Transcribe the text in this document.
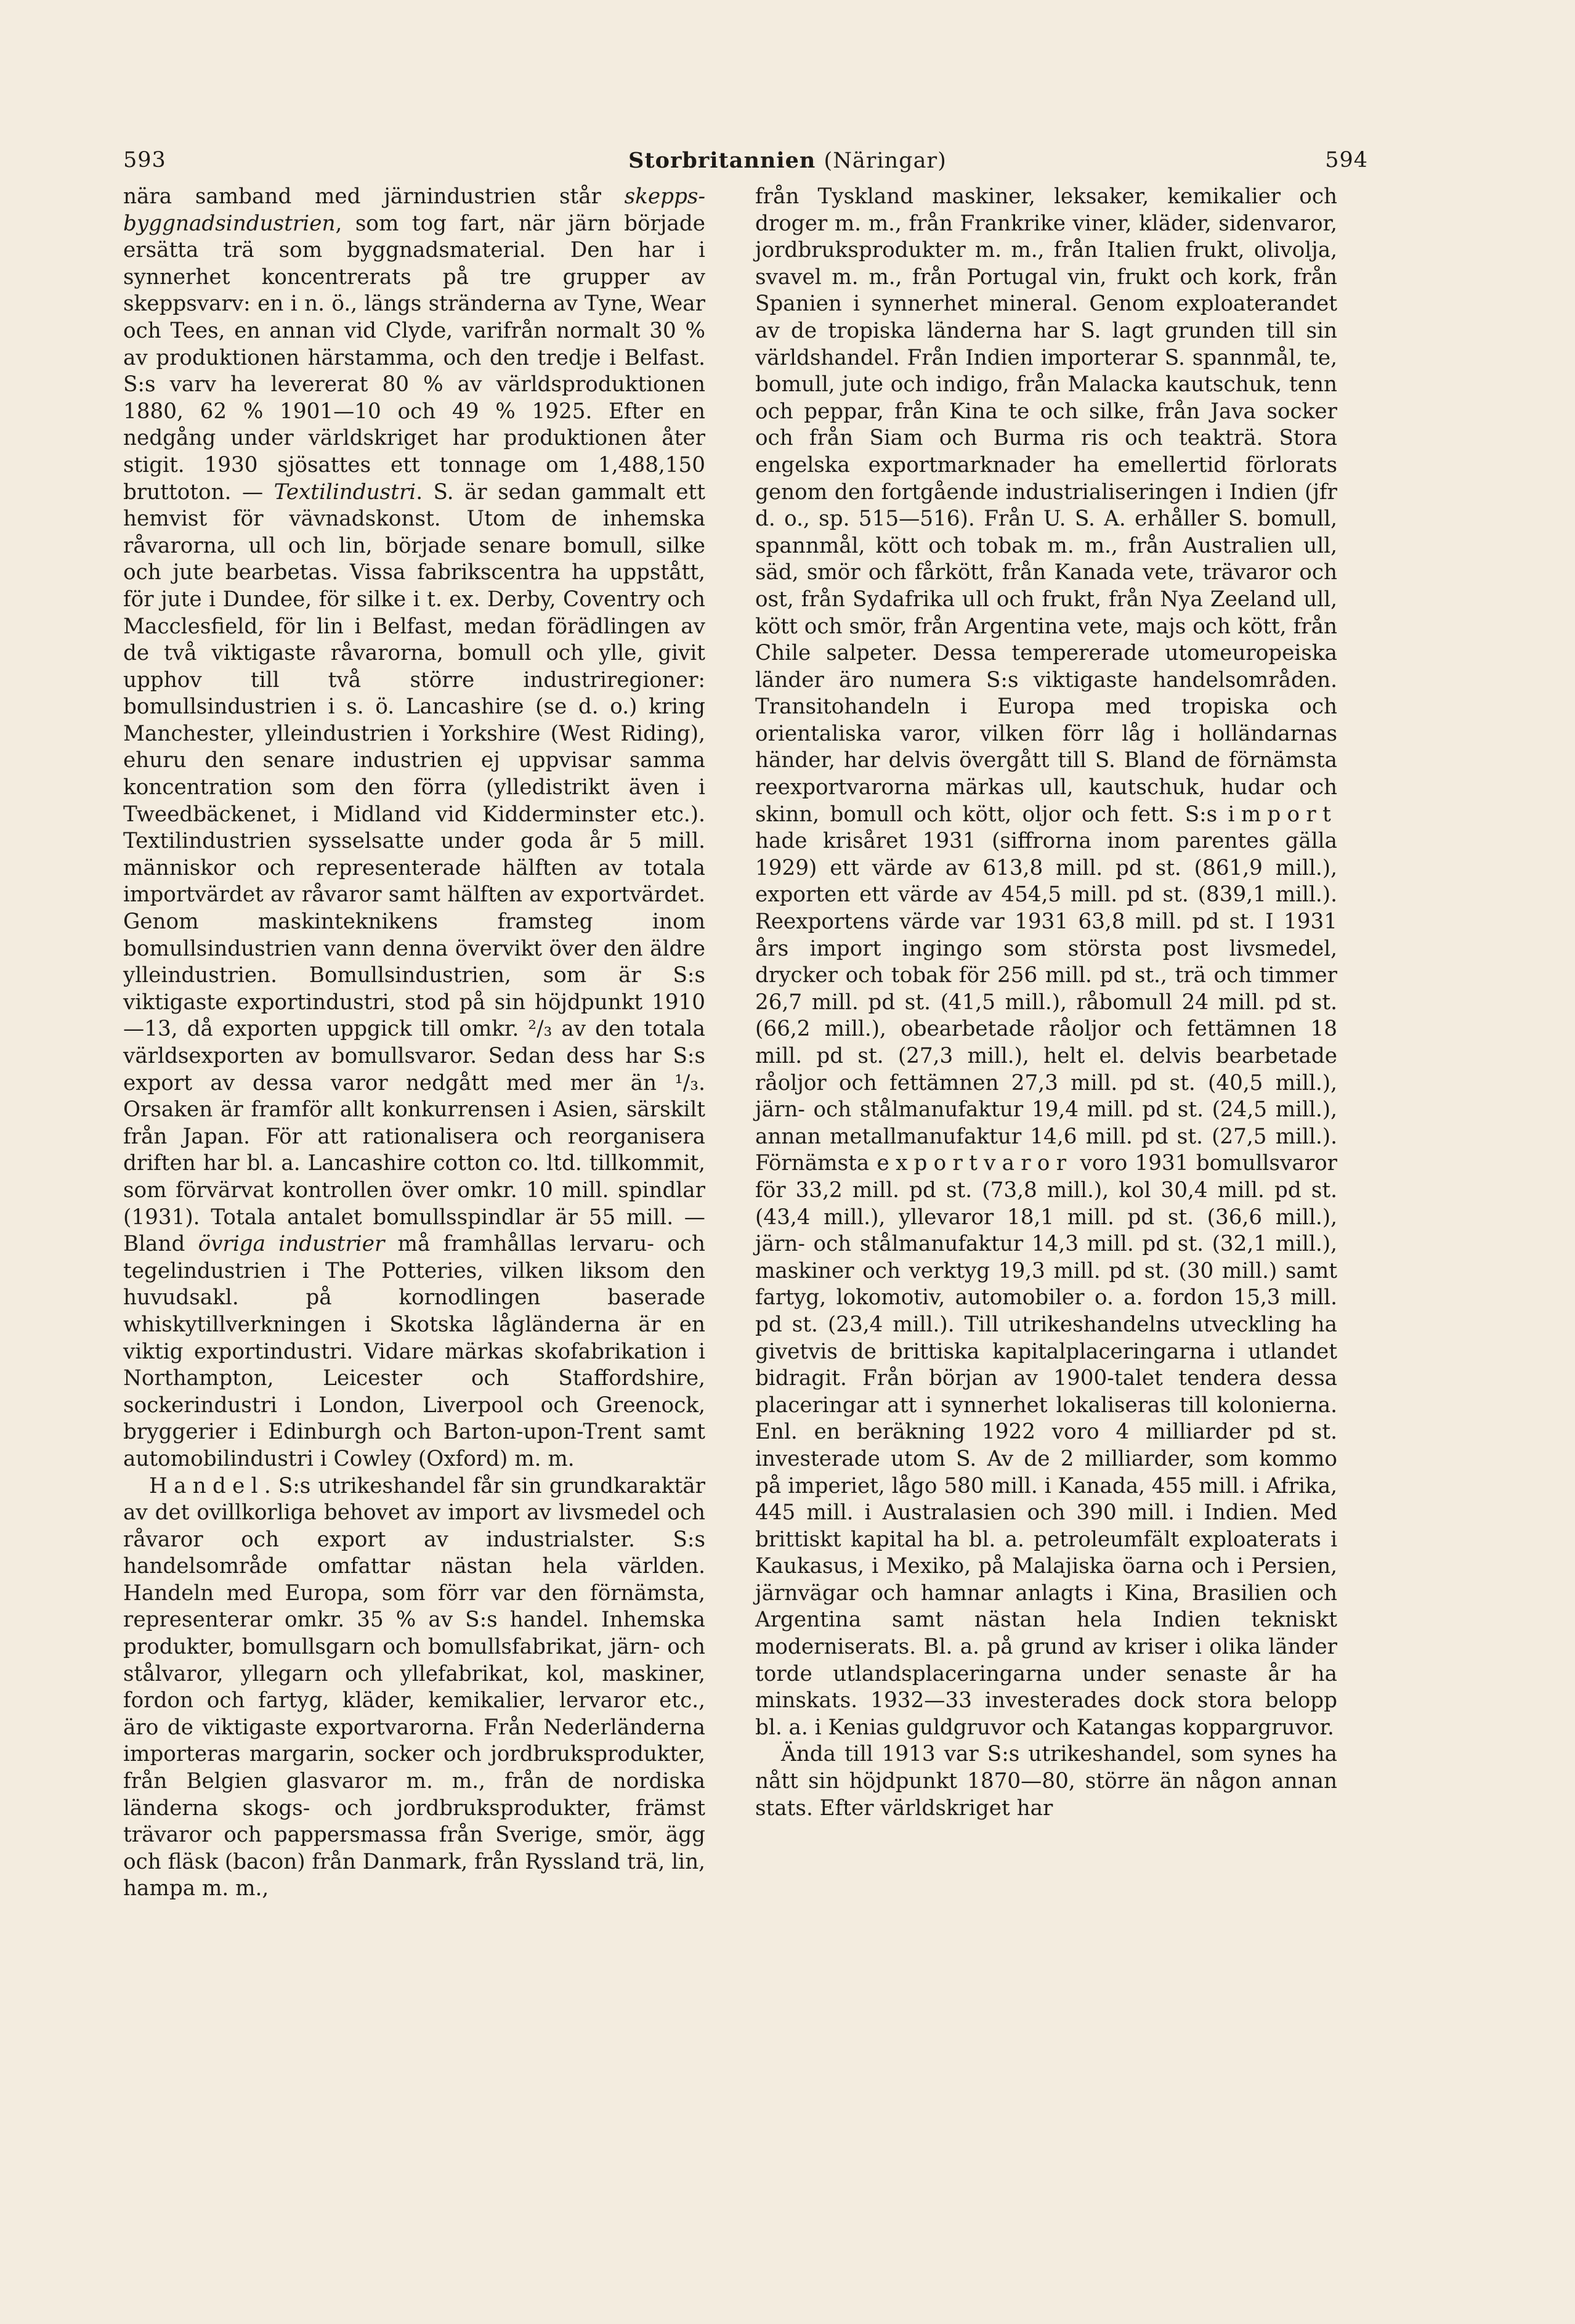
593	Storbritannien (Näringar)	594

nära samband med järnindustrien står skepps-byggnadsindustrien, som tog fart, när järn började ersätta trä som byggnadsmaterial. Den har i synnerhet koncentrerats på tre grupper av skeppsvarv: en i n. ö., längs stränderna av Tyne, Wear och Tees, en annan vid Clyde, varifrån normalt 30 % av produktionen härstamma, och den tredje i Belfast. S:s varv ha levererat 80 % av världsproduktionen 1880, 62 % 1901—10 och 49 % 1925. Efter en nedgång under världskriget har produktionen åter stigit. 1930 sjösattes ett tonnage om 1,488,150 bruttoton. — Textilindustri. S. är sedan gammalt ett hemvist för vävnadskonst. Utom de inhemska råvarorna, ull och lin, började senare bomull, silke och jute bearbetas. Vissa fabrikscentra ha uppstått, för jute i Dundee, för silke i t. ex. Derby, Coventry och Macclesfield, för lin i Belfast, medan förädlingen av de två viktigaste råvarorna, bomull och ylle, givit upphov till två större industriregioner: bomullsindustrien i s. ö. Lancashire (se d. o.) kring Manchester, ylleindustrien i Yorkshire (West Riding), ehuru den senare industrien ej uppvisar samma koncentration som den förra (ylledistrikt även i Tweedbäckenet, i Midland vid Kidderminster etc.). Textilindustrien sysselsatte under goda år 5 mill. människor och representerade hälften av totala importvärdet av råvaror samt hälften av exportvärdet. Genom maskinteknikens framsteg inom bomullsindustrien vann denna övervikt över den äldre ylleindustrien. Bomullsindustrien, som är S:s viktigaste exportindustri, stod på sin höjdpunkt 1910—13, då exporten uppgick till omkr. ²/₃ av den totala världsexporten av bomullsvaror. Sedan dess har S:s export av dessa varor nedgått med mer än ¹/₃. Orsaken är framför allt konkurrensen i Asien, särskilt från Japan. För att rationalisera och reorganisera driften har bl. a. Lancashire cotton co. ltd. tillkommit, som förvärvat kontrollen över omkr. 10 mill. spindlar (1931). Totala antalet bomullsspindlar är 55 mill. — Bland övriga industrier må framhållas lervaru- och tegelindustrien i The Potteries, vilken liksom den huvudsakl. på kornodlingen baserade whiskytillverkningen i Skotska lågländerna är en viktig exportindustri. Vidare märkas skofabrikation i Northampton, Leicester och Staffordshire, sockerindustri i London, Liverpool och Greenock, bryggerier i Edinburgh och Barton-upon-Trent samt automobilindustri i Cowley (Oxford) m. m.

Handel. S:s utrikeshandel får sin grundkaraktär av det ovillkorliga behovet av import av livsmedel och råvaror och export av industrialster. S:s handelsområde omfattar nästan hela världen. Handeln med Europa, som förr var den förnämsta, representerar omkr. 35 % av S:s handel. Inhemska produkter, bomullsgarn och bomullsfabrikat, järn- och stålvaror, yllegarn och yllefabrikat, kol, maskiner, fordon och fartyg, kläder, kemikalier, lervaror etc., äro de viktigaste exportvarorna. Från Nederländerna importeras margarin, socker och jordbruksprodukter, från Belgien glasvaror m. m., från de nordiska länderna skogs- och jordbruksprodukter, främst trävaror och pappersmassa från Sverige, smör, ägg och fläsk (bacon) från Danmark, från Ryssland trä, lin, hampa m. m.,

från Tyskland maskiner, leksaker, kemikalier och droger m. m., från Frankrike viner, kläder, sidenvaror, jordbruksprodukter m. m., från Italien frukt, olivolja, svavel m. m., från Portugal vin, frukt och kork, från Spanien i synnerhet mineral. Genom exploaterandet av de tropiska länderna har S. lagt grunden till sin världshandel. Från Indien importerar S. spannmål, te, bomull, jute och indigo, från Malacka kautschuk, tenn och peppar, från Kina te och silke, från Java socker och från Siam och Burma ris och teakträ. Stora engelska exportmarknader ha emellertid förlorats genom den fortgående industrialiseringen i Indien (jfr d. o., sp. 515—516). Från U. S. A. erhåller S. bomull, spannmål, kött och tobak m. m., från Australien ull, säd, smör och fårkött, från Kanada vete, trävaror och ost, från Sydafrika ull och frukt, från Nya Zeeland ull, kött och smör, från Argentina vete, majs och kött, från Chile salpeter. Dessa tempererade utomeuropeiska länder äro numera S:s viktigaste handelsområden. Transitohandeln i Europa med tropiska och orientaliska varor, vilken förr låg i holländarnas händer, har delvis övergått till S. Bland de förnämsta reexportvarorna märkas ull, kautschuk, hudar och skinn, bomull och kött, oljor och fett. S:s import hade krisåret 1931 (siffrorna inom parentes gälla 1929) ett värde av 613,8 mill. pd st. (861,9 mill.), exporten ett värde av 454,5 mill. pd st. (839,1 mill.). Reexportens värde var 1931 63,8 mill. pd st. I 1931 års import ingingo som största post livsmedel, drycker och tobak för 256 mill. pd st., trä och timmer 26,7 mill. pd st. (41,5 mill.), råbomull 24 mill. pd st. (66,2 mill.), obearbetade råoljor och fettämnen 18 mill. pd st. (27,3 mill.), helt el. delvis bearbetade råoljor och fettämnen 27,3 mill. pd st. (40,5 mill.), järn- och stålmanufaktur 19,4 mill. pd st. (24,5 mill.), annan metallmanufaktur 14,6 mill. pd st. (27,5 mill.). Förnämsta exportvaror voro 1931 bomullsvaror för 33,2 mill. pd st. (73,8 mill.), kol 30,4 mill. pd st. (43,4 mill.), yllevaror 18,1 mill. pd st. (36,6 mill.), järn- och stålmanufaktur 14,3 mill. pd st. (32,1 mill.), maskiner och verktyg 19,3 mill. pd st. (30 mill.) samt fartyg, lokomotiv, automobiler o. a. fordon 15,3 mill. pd st. (23,4 mill.). Till utrikeshandelns utveckling ha givetvis de brittiska kapitalplaceringarna i utlandet bidragit. Från början av 1900-talet tendera dessa placeringar att i synnerhet lokaliseras till kolonierna. Enl. en beräkning 1922 voro 4 milliarder pd st. investerade utom S. Av de 2 milliarder, som kommo på imperiet, lågo 580 mill. i Kanada, 455 mill. i Afrika, 445 mill. i Australasien och 390 mill. i Indien. Med brittiskt kapital ha bl. a. petroleumfält exploaterats i Kaukasus, i Mexiko, på Malajiska öarna och i Persien, järnvägar och hamnar anlagts i Kina, Brasilien och Argentina samt nästan hela Indien tekniskt moderniserats. Bl. a. på grund av kriser i olika länder torde utlandsplaceringarna under senaste år ha minskats. 1932—33 investerades dock stora belopp bl. a. i Kenias guldgruvor och Katangas koppargruvor.

Ända till 1913 var S:s utrikeshandel, som synes ha nått sin höjdpunkt 1870—80, större än någon annan stats. Efter världskriget har
